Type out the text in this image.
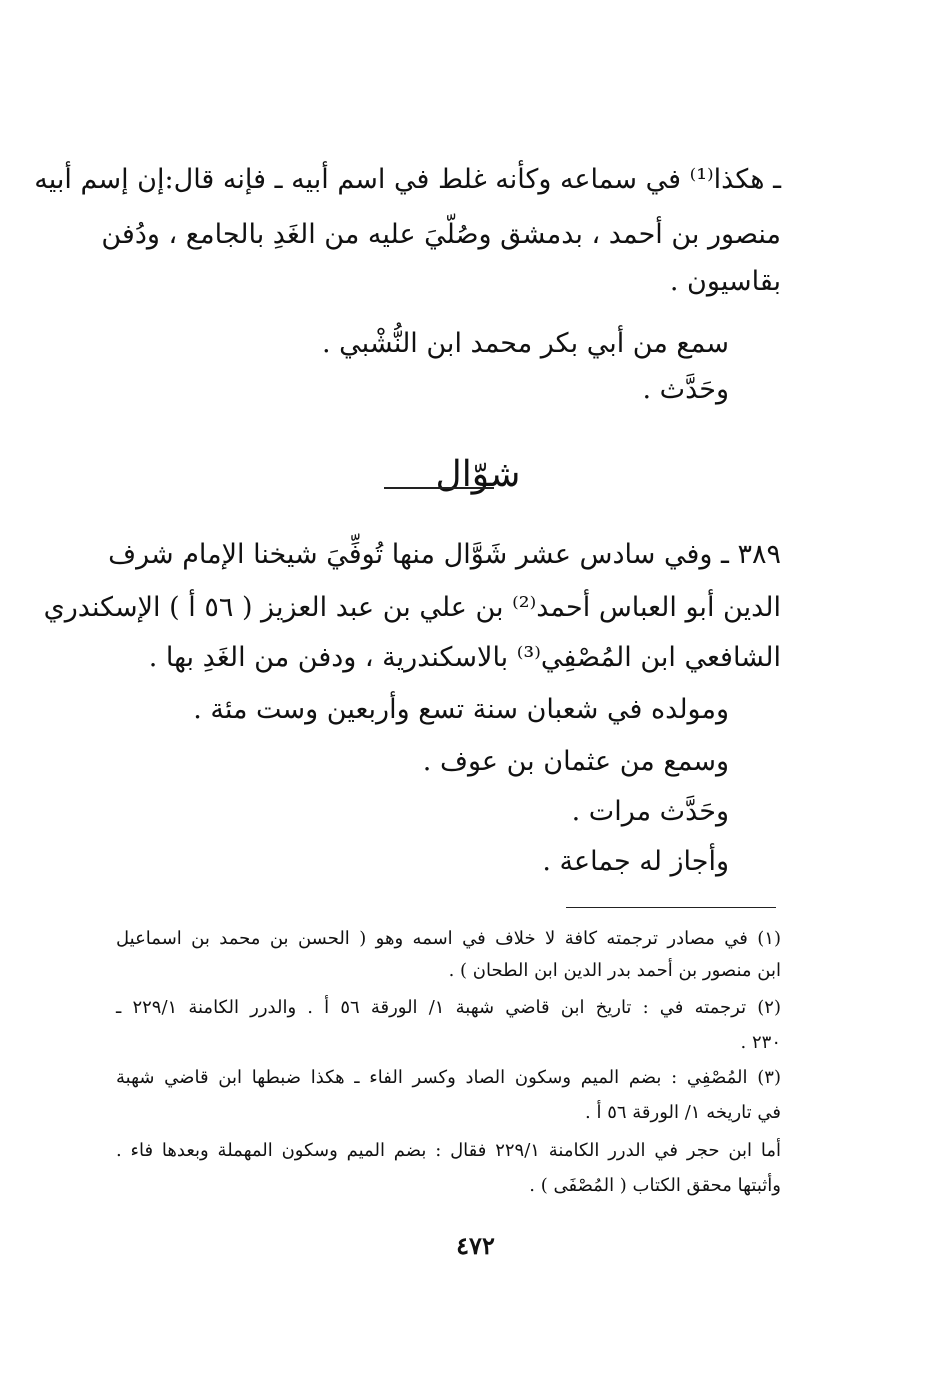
ـ هكذا⁽¹⁾ في سماعه وكأنه غلط في اسم أبيه ـ فإنه قال:إن إسم أبيه
منصور بن أحمد ، بدمشق وصُلّيَ عليه من الغَدِ بالجامع ، ودُفن
بقاسيون .
سمع من أبي بكر محمد ابن النُّشْبي .
وحَدَّث .
شوّال
٣٨٩ ـ وفي سادس عشر شَوَّال منها تُوفِّيَ شيخنا الإمام شرف
الدين أبو العباس أحمد⁽²⁾ بن علي بن عبد العزيز ( ٥٦ أ ) الإسكندري
الشافعي ابن المُصْفِي⁽³⁾ بالاسكندرية ، ودفن من الغَدِ بها .
ومولده في شعبان سنة تسع وأربعين وست مئة .
وسمع من عثمان بن عوف .
وحَدَّث مرات .
وأجاز له جماعة .
(١) في مصادر ترجمته كافة لا خلاف في اسمه وهو ( الحسن بن محمد بن اسماعيل
ابن منصور بن أحمد بدر الدين ابن الطحان ) .
(٢) ترجمته في : تاريخ ابن قاضي شهبة ١/ الورقة ٥٦ أ . والدرر الكامنة ٢٢٩/١ ـ
٢٣٠ .
(٣) المُصْفِي : بضم الميم وسكون الصاد وكسر الفاء ـ هكذا ضبطها ابن قاضي شهبة
في تاريخه ١/ الورقة ٥٦ أ .
أما ابن حجر في الدرر الكامنة ٢٢٩/١ فقال : بضم الميم وسكون المهملة وبعدها فاء .
وأثبتها محقق الكتاب ( المُصْفَى ) .
٤٧٢
